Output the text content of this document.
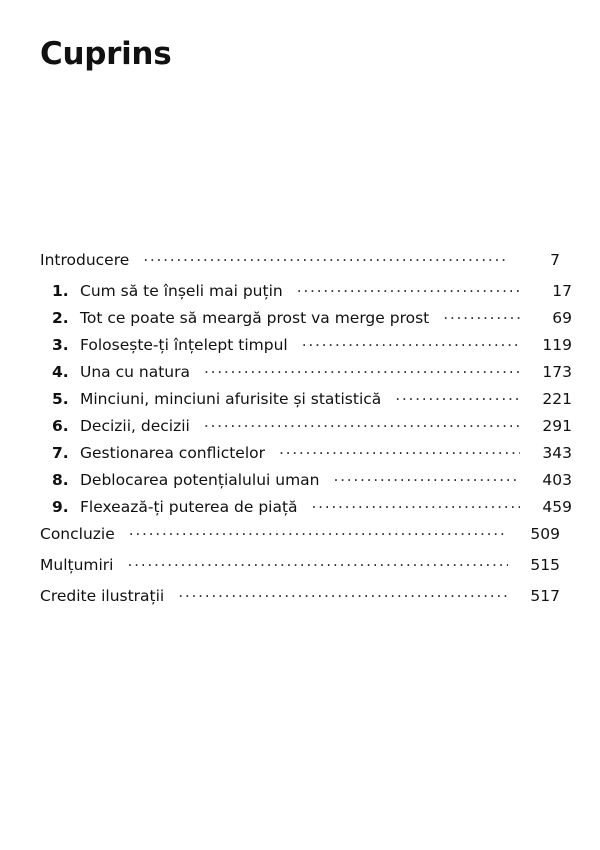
Cuprins
Introducere .....	7
1. Cum să te înșeli mai puțin .....	17
2. Tot ce poate să meargă prost va merge prost .....	69
3. Folosește-ți înțelept timpul .....	119
4. Una cu natura .....	173
5. Minciuni, minciuni afurisite și statistică .....	221
6. Decizii, decizii .....	291
7. Gestionarea conflictelor .....	343
8. Deblocarea potențialului uman .....	403
9. Flexează-ți puterea de piață .....	459
Concluzie .....	509
Mulțumiri .....	515
Credite ilustrații .....	517
